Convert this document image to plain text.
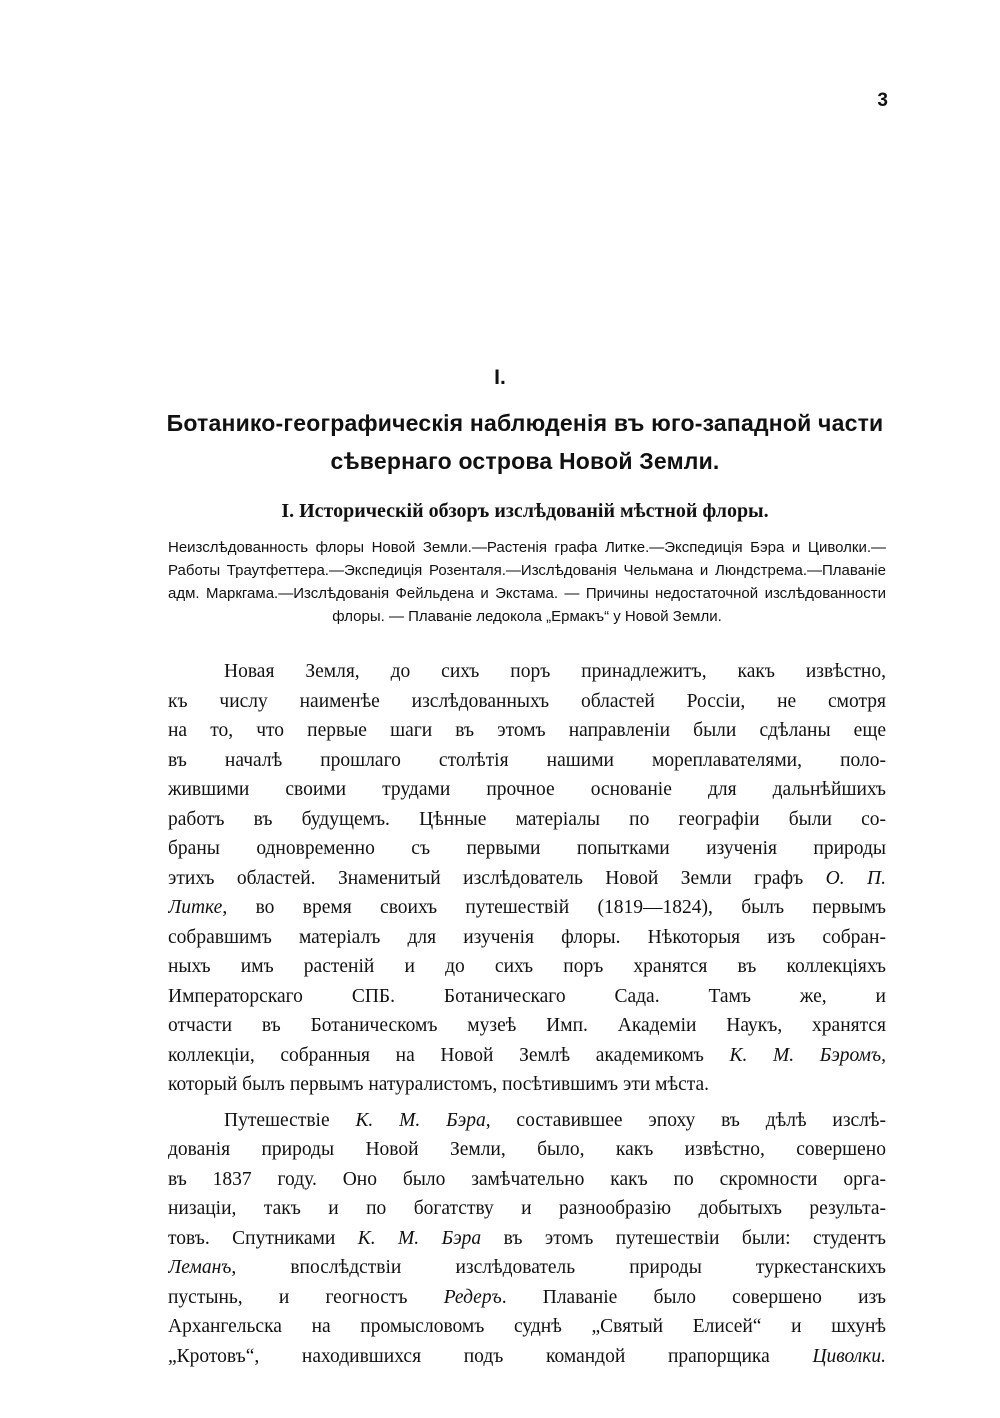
3
I.
Ботанико-географическія наблюденія въ юго-западной части
сѣвернаго острова Новой Земли.
I. Историческій обзоръ изслѣдованій мѣстной флоры.
Неизслѣдованность флоры Новой Земли.—Растенія графа Литке.—Экспедиція Бэра и Циволки.—Работы Траутфеттера.—Экспедиція Розенталя.—Изслѣдованія Чельмана и Люндстрема.—Плаваніе адм. Маркгама.—Изслѣдованія Фейльдена и Экстама. — Причины недостаточной изслѣдованности флоры. — Плаваніе ледокола „Ермакъ“ у Новой Земли.
Новая Земля, до сихъ поръ принадлежитъ, какъ извѣстно,
къ числу наименѣе изслѣдованныхъ областей Россіи, не смотря
на то, что первые шаги въ этомъ направленіи были сдѣланы еще
въ началѣ прошлаго столѣтія нашими мореплавателями, поло-
жившими своими трудами прочное основаніе для дальнѣйшихъ
работъ въ будущемъ. Цѣнные матеріалы по географіи были со-
браны одновременно съ первыми попытками изученія природы
этихъ областей. Знаменитый изслѣдователь Новой Земли графъ О. П.
Литке, во время своихъ путешествій (1819—1824), былъ первымъ
собравшимъ матеріалъ для изученія флоры. Нѣкоторыя изъ собран-
ныхъ имъ растеній и до сихъ поръ хранятся въ коллекціяхъ
Императорскаго СПБ. Ботаническаго Сада. Тамъ же, и
отчасти въ Ботаническомъ музеѣ Имп. Академіи Наукъ, хранятся
коллекціи, собранныя на Новой Землѣ академикомъ К. М. Бэромъ,
который былъ первымъ натуралистомъ, посѣтившимъ эти мѣста.
Путешествіе К. М. Бэра, составившее эпоху въ дѣлѣ изслѣ-
дованія природы Новой Земли, было, какъ извѣстно, совершено
въ 1837 году. Оно было замѣчательно какъ по скромности орга-
низаціи, такъ и по богатству и разнообразію добытыхъ результа-
товъ. Спутниками К. М. Бэра въ этомъ путешествіи были: студентъ
Леманъ, впослѣдствіи изслѣдователь природы туркестанскихъ
пустынь, и геогностъ Редеръ. Плаваніе было совершено изъ
Архангельска на промысловомъ суднѣ „Святый Елисей“ и шхунѣ
„Кротовъ“, находившихся подъ командой прапорщика Циволки.
